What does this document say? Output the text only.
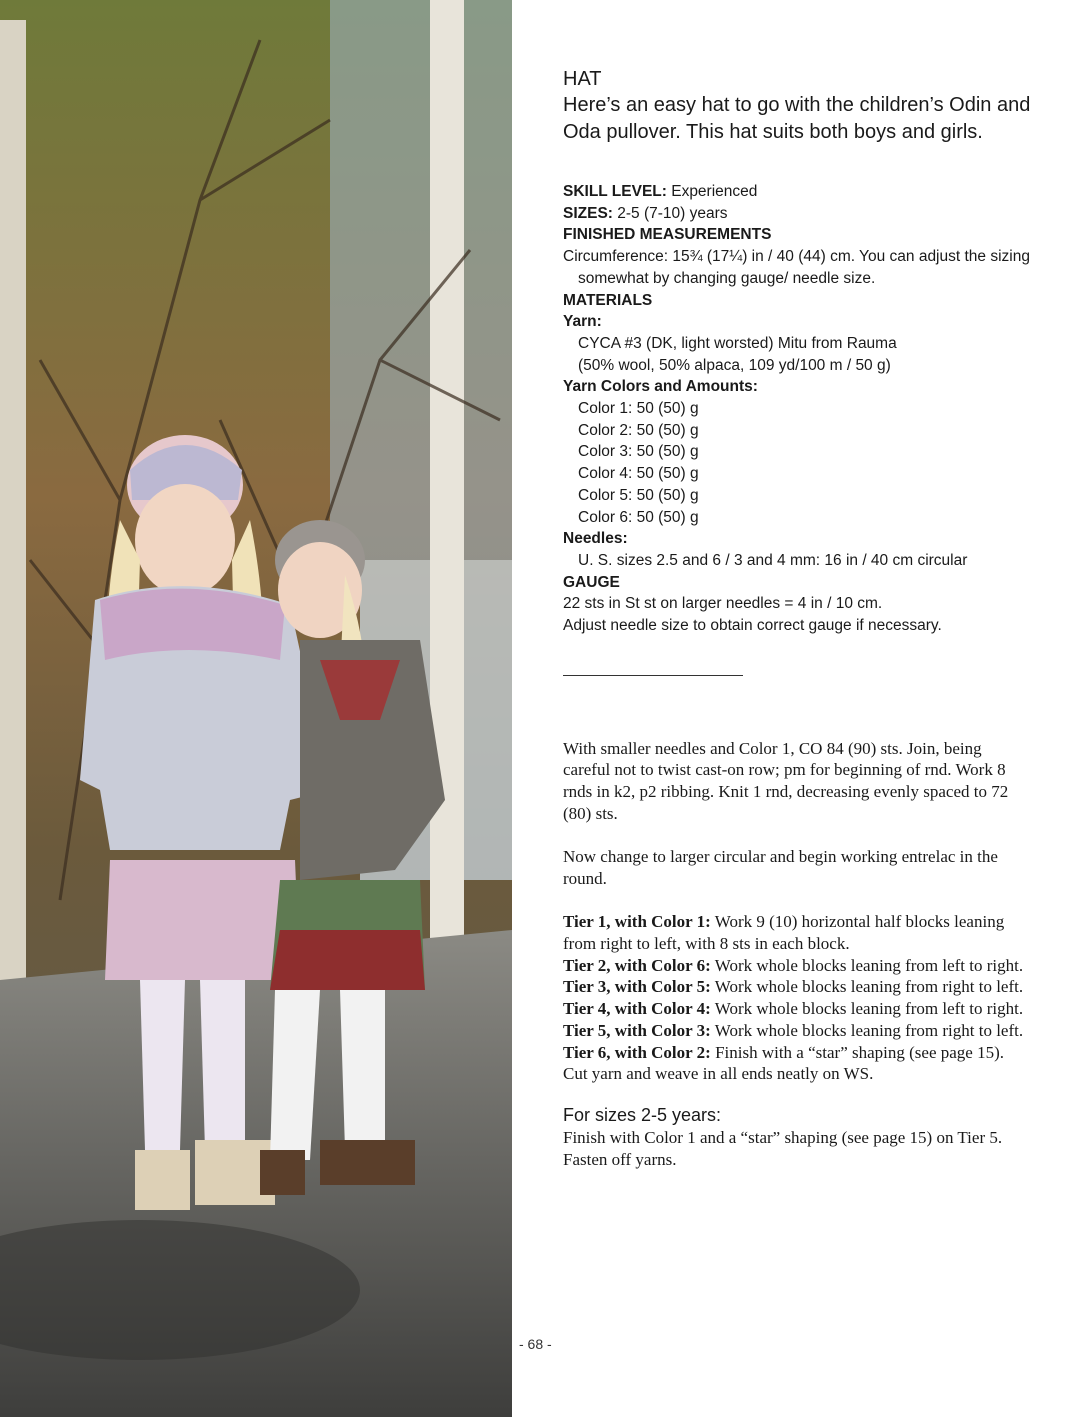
HAT

Here’s an easy hat to go with the children’s Odin and Oda pullover. This hat suits both boys and girls.

SKILL LEVEL: Experienced

SIZES: 2-5 (7-10) years

FINISHED MEASUREMENTS

Circumference: 15¾ (17¼) in / 40 (44) cm. You can adjust the sizing somewhat by changing gauge/ needle size.

MATERIALS

Yarn:

CYCA #3 (DK, light worsted) Mitu from Rauma

(50% wool, 50% alpaca, 109 yd/100 m / 50 g)

Yarn Colors and Amounts:

Color 1: 50 (50) g

Color 2: 50 (50) g

Color 3: 50 (50) g

Color 4: 50 (50) g

Color 5: 50 (50) g

Color 6: 50 (50) g

Needles:

U. S. sizes 2.5 and 6 / 3 and 4 mm: 16 in / 40 cm circular

GAUGE

22 sts in St st on larger needles = 4 in / 10 cm.

Adjust needle size to obtain correct gauge if necessary.

With smaller needles and Color 1, CO 84 (90) sts. Join, being careful not to twist cast-on row; pm for beginning of rnd. Work 8 rnds in k2, p2 ribbing. Knit 1 rnd, decreasing evenly spaced to 72 (80) sts.

Now change to larger circular and begin working entrelac in the round.

Tier 1, with Color 1: Work 9 (10) horizontal half blocks leaning from right to left, with 8 sts in each block.

Tier 2, with Color 6: Work whole blocks leaning from left to right.

Tier 3, with Color 5: Work whole blocks leaning from right to left.

Tier 4, with Color 4: Work whole blocks leaning from left to right.

Tier 5, with Color 3: Work whole blocks leaning from right to left.

Tier 6, with Color 2: Finish with a “star” shaping (see page 15).

Cut yarn and weave in all ends neatly on WS.

For sizes 2-5 years:

Finish with Color 1 and a “star” shaping (see page 15) on Tier 5. Fasten off yarns.

- 68 -
